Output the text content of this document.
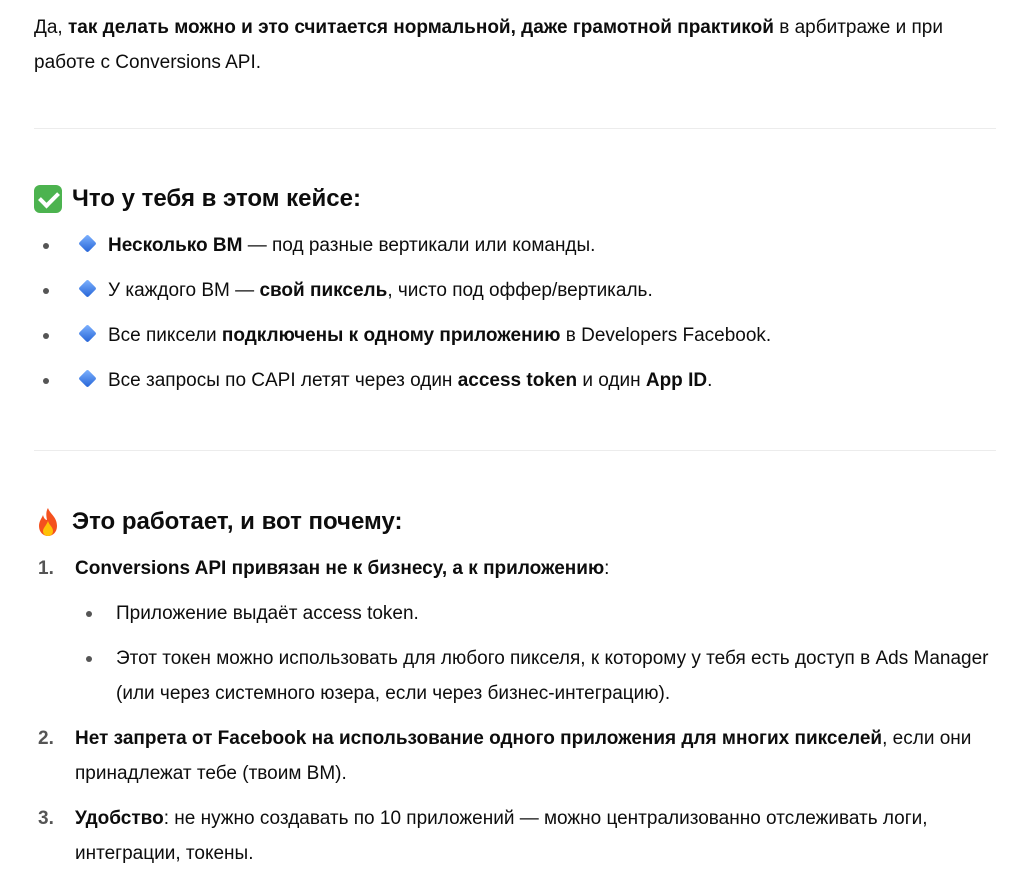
Да, так делать можно и это считается нормальной, даже грамотной практикой в арбитраже и при работе с Conversions API.

Что у тебя в этом кейсе:
Несколько BM — под разные вертикали или команды.
У каждого BM — свой пиксель, чисто под оффер/вертикаль.
Все пиксели подключены к одному приложению в Developers Facebook.
Все запросы по CAPI летят через один access token и один App ID.
Это работает, и вот почему:
1.	Conversions API привязан не к бизнесу, а к приложению:

Приложение выдаёт access token.

Этот токен можно использовать для любого пикселя, к которому у тебя есть доступ в Ads Manager (или через системного юзера, если через бизнес-интеграцию).

2.	Нет запрета от Facebook на использование одного приложения для многих пикселей, если они принадлежат тебе (твоим BM).

3.	Удобство: не нужно создавать по 10 приложений — можно централизованно отслеживать логи, интеграции, токены.
